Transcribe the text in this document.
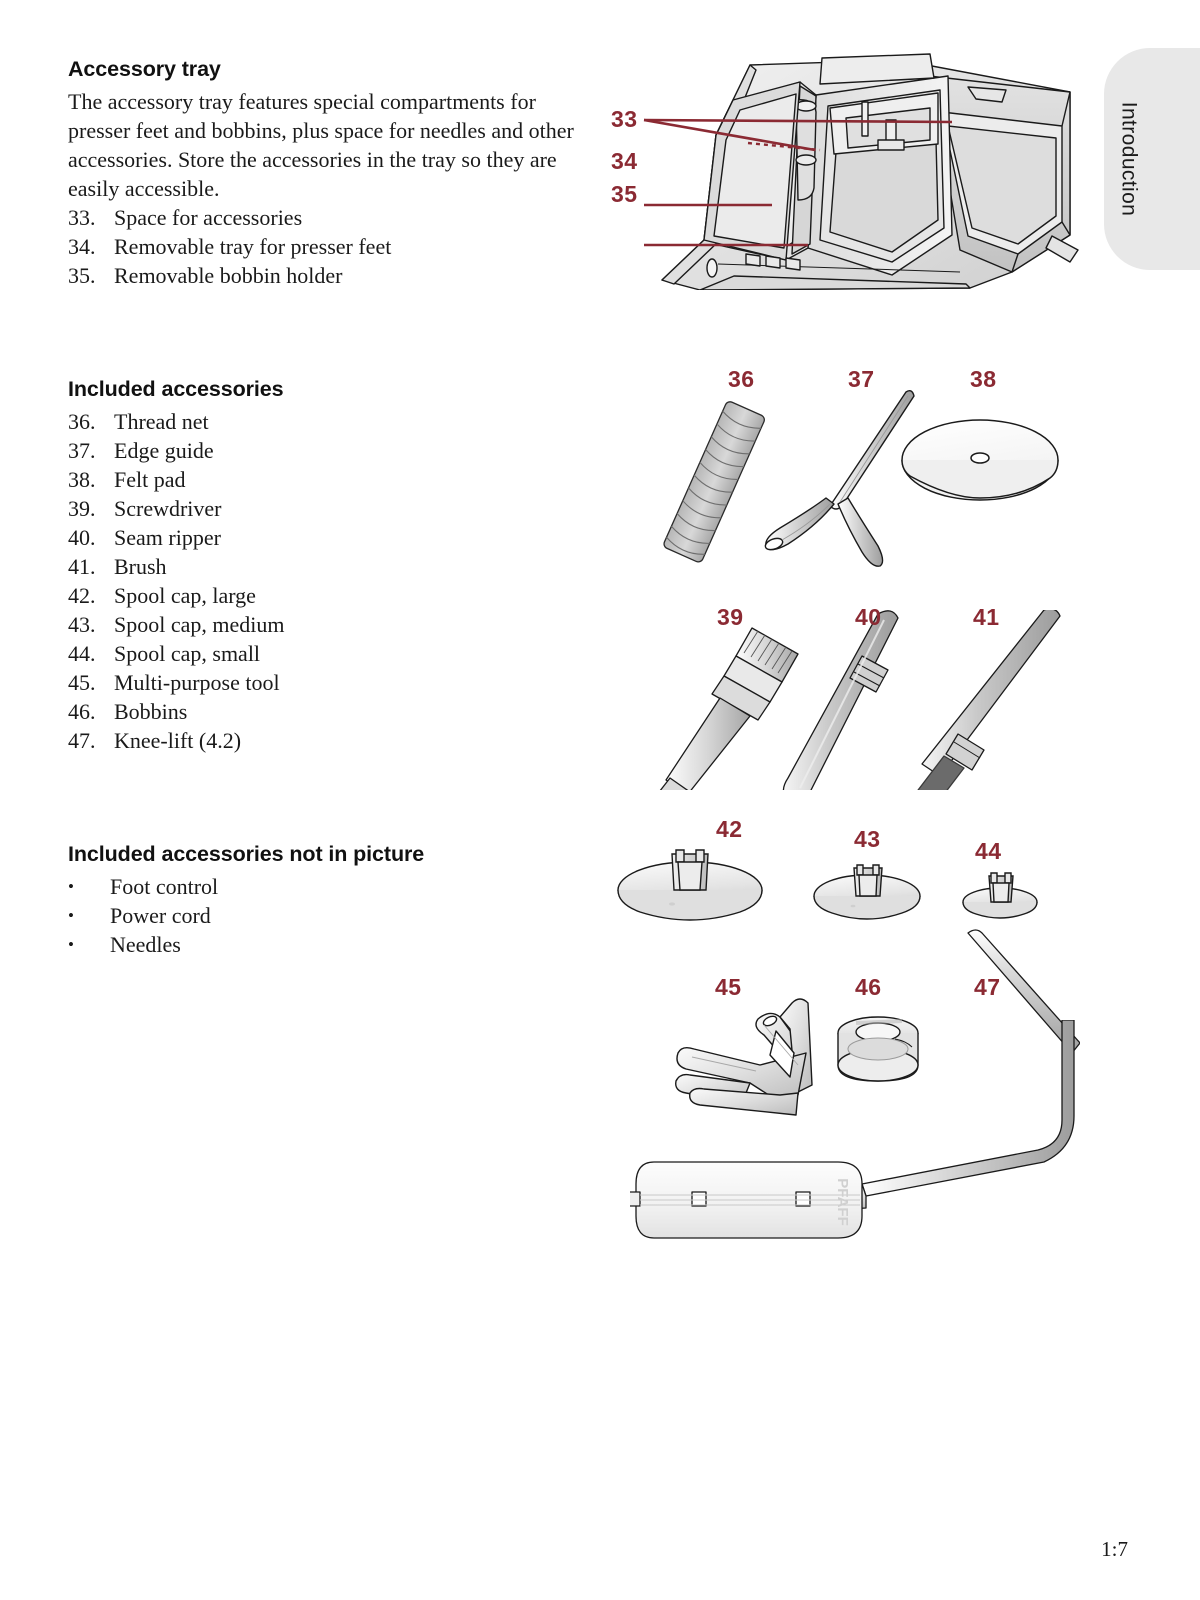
Introduction
Accessory tray

The accessory tray features special compartments for presser feet and bobbins, plus space for needles and other accessories. Store the accessories in the tray so they are easily accessible.

33. Space for accessories
34. Removable tray for presser feet
35. Removable bobbin holder
Included accessories
36. Thread net
37. Edge guide
38. Felt pad
39. Screwdriver
40. Seam ripper
41. Brush
42. Spool cap, large
43. Spool cap, medium
44. Spool cap, small
45. Multi-purpose tool
46. Bobbins
47. Knee-lift (4.2)
Included accessories not in picture
•	Foot control
•	Power cord
•	Needles
33
34
35
36	37	38
39	40	41
42	43	44
PFAFF
45	46	47
1:7
